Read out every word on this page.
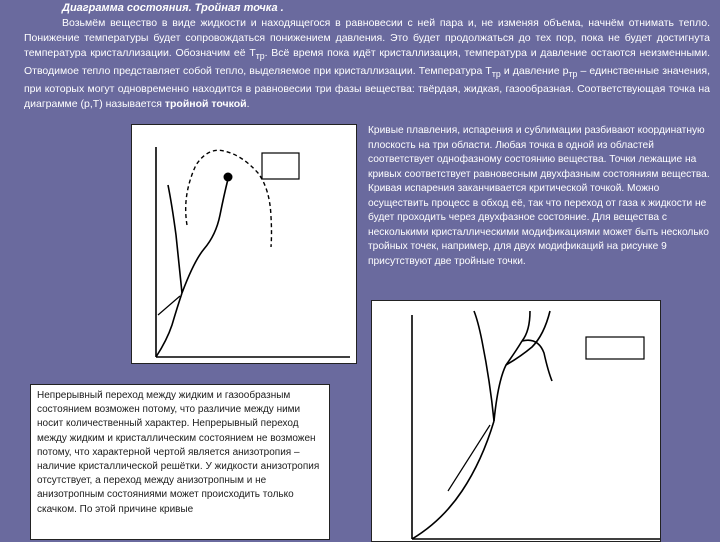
Диаграмма состояния. Тройная точка .
Возьмём вещество в виде жидкости и находящегося в равновесии с ней пара и, не изменяя объема, начнём отнимать тепло. Понижение температуры будет сопровождаться понижением давления. Это будет продолжаться до тех пор, пока не будет достигнута температура кристаллизации. Обозначим её $T_{тр}$. Всё время пока идёт кристаллизация, температура и давление остаются неизменными. Отводимое тепло представляет собой тепло, выделяемое при кристаллизации. Температура $T_{тр}$ и давление $p_{тр}$ – единственные значения, при которых могут одновременно находится в равновесии три фазы вещества: твёрдая, жидкая, газообразная. Соответствующая точка на диаграмме (p,T) называется тройной точкой.
Кривые плавления, испарения и сублимации разбивают координатную плоскость на три области. Любая точка в одной из областей соответствует однофазному состоянию вещества. Точки лежащие на кривых соответствует равновесным двухфазным состояниям вещества. Кривая испарения заканчивается критической точкой. Можно осуществить процесс в обход её, так что переход от газа к жидкости не будет проходить через двухфазное состояние. Для вещества с несколькими кристаллическими модификациями может быть несколько тройных точек, например, для двух модификаций на рисунке 9 присутствуют две тройные точки.
Непрерывный переход между жидким и газообразным состоянием возможен потому, что различие между ними носит количественный характер. Непрерывный переход между жидким и кристаллическим состоянием не возможен потому, что характерной чертой является анизотропия – наличие кристаллической решётки. У жидкости анизотропия отсутствует, а переход между анизотропным и не анизотропным состояниями может происходить только скачком. По этой причине кривые
